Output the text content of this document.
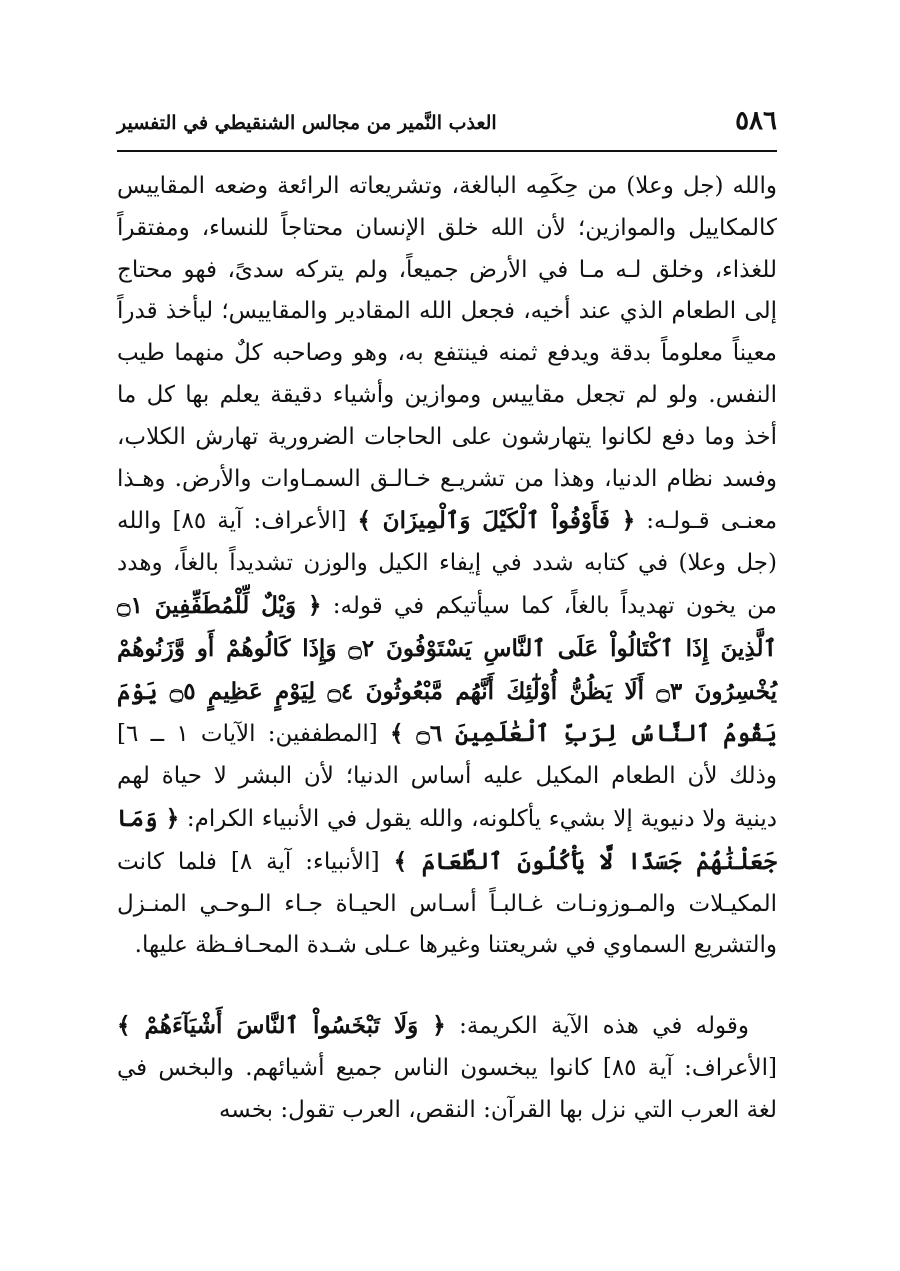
٥٨٦
العذب النَّمير من مجالس الشنقيطي في التفسير

والله (جل وعلا) من حِكَمِه البالغة، وتشريعاته الرائعة وضعه المقاييس كالمكاييل والموازين؛ لأن الله خلق الإنسان محتاجاً للنساء، ومفتقراً للغذاء، وخلق لـه مـا في الأرض جميعاً، ولم يتركه سدىً، فهو محتاج إلى الطعام الذي عند أخيه، فجعل الله المقادير والمقاييس؛ ليأخذ قدراً معيناً معلوماً بدقة ويدفع ثمنه فينتفع به، وهو وصاحبه كلٌ منهما طيب النفس. ولو لم تجعل مقاييس وموازين وأشياء دقيقة يعلم بها كل ما أخذ وما دفع لكانوا يتهارشون على الحاجات الضرورية تهارش الكلاب، وفسد نظام الدنيا، وهذا من تشريـع خـالـق السمـاوات والأرض. وهـذا معنـى قـولـه: ﴿ فَأَوْفُواْ ٱلْكَيْلَ وَٱلْمِيزَانَ ﴾ [الأعراف: آية ٨٥] والله (جل وعلا) في كتابه شدد في إيفاء الكيل والوزن تشديداً بالغاً، وهدد من يخون تهديداً بالغاً، كما سيأتيكم في قوله: ﴿ وَيْلٌ لِّلْمُطَفِّفِينَ ۝١ ٱلَّذِينَ إِذَا ٱكْتَالُواْ عَلَى ٱلنَّاسِ يَسْتَوْفُونَ ۝٢ وَإِذَا كَالُوهُمْ أَو وَّزَنُوهُمْ يُخْسِرُونَ ۝٣ أَلَا يَظُنُّ أُوْلَٰٓئِكَ أَنَّهُم مَّبْعُوثُونَ ۝٤ لِيَوْمٍ عَظِيمٍ ۝٥ يَوْمَ يَقُومُ ٱلنَّاسُ لِرَبِّ ٱلْعَٰلَمِينَ ۝٦ ﴾ [المطففين: الآيات ١ ــ ٦] وذلك لأن الطعام المكيل عليه أساس الدنيا؛ لأن البشر لا حياة لهم دينية ولا دنيوية إلا بشيء يأكلونه، والله يقول في الأنبياء الكرام: ﴿ وَمَا جَعَلْنَٰهُمْ جَسَدًا لَّا يَأْكُلُونَ ٱلطَّعَامَ ﴾ [الأنبياء: آية ٨] فلما كانت المكيـلات والمـوزونـات غـالبـاً أسـاس الحيـاة جـاء الـوحـي المنـزل والتشريع السماوي في شريعتنا وغيرها عـلى شـدة المحـافـظة عليها.

وقوله في هذه الآية الكريمة: ﴿ وَلَا تَبْخَسُواْ ٱلنَّاسَ أَشْيَآءَهُمْ ﴾ [الأعراف: آية ٨٥] كانوا يبخسون الناس جميع أشيائهم. والبخس في لغة العرب التي نزل بها القرآن: النقص، العرب تقول: بخسه
